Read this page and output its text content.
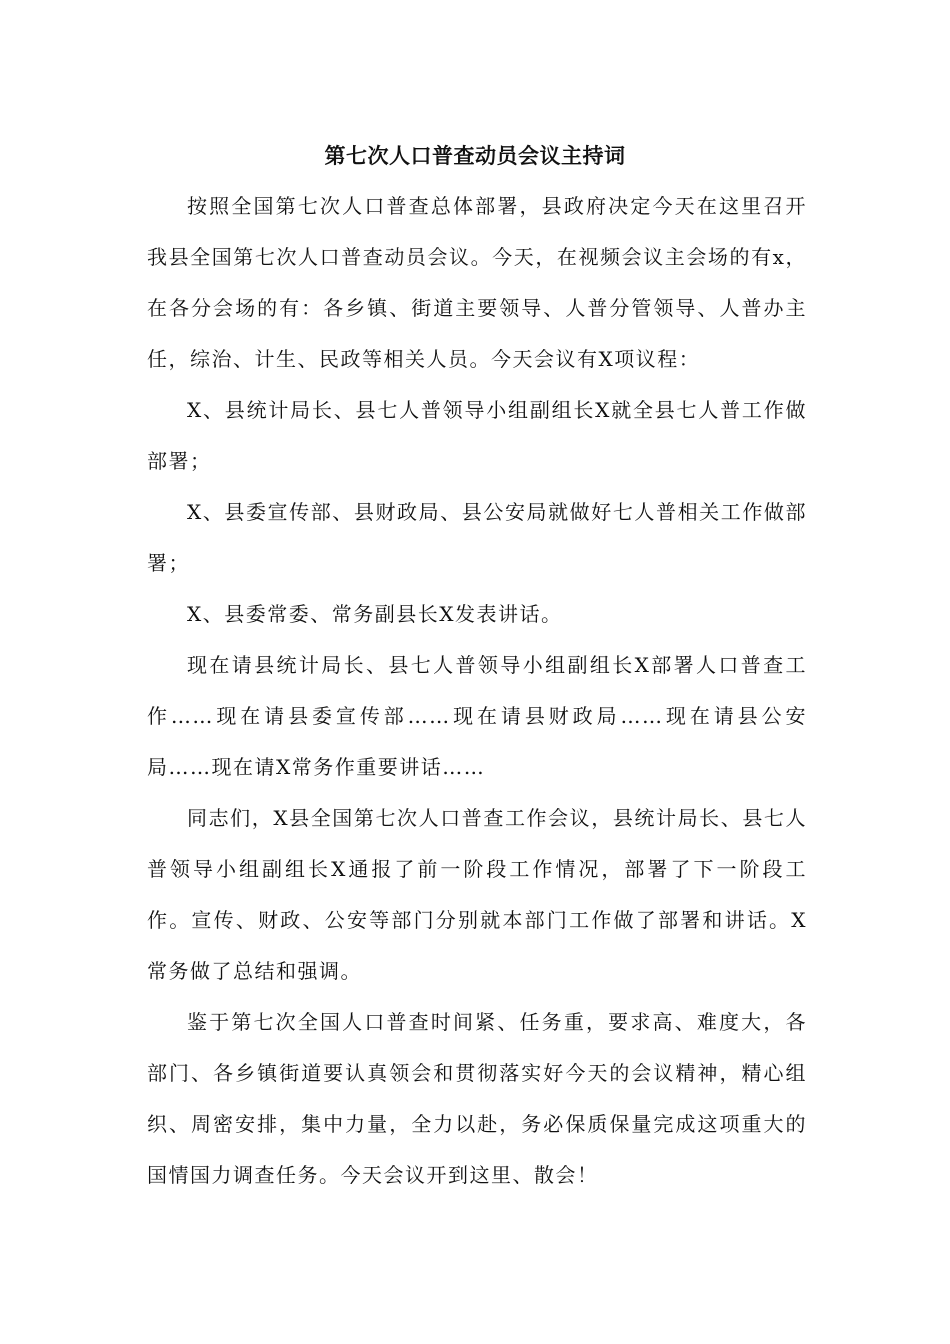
第七次人口普查动员会议主持词

按照全国第七次人口普查总体部署，县政府决定今天在这里召开我县全国第七次人口普查动员会议。今天，在视频会议主会场的有x，在各分会场的有：各乡镇、街道主要领导、人普分管领导、人普办主任，综治、计生、民政等相关人员。今天会议有X项议程：

X、县统计局长、县七人普领导小组副组长X就全县七人普工作做部署；

X、县委宣传部、县财政局、县公安局就做好七人普相关工作做部署；

X、县委常委、常务副县长X发表讲话。

现在请县统计局长、县七人普领导小组副组长X部署人口普查工作……现在请县委宣传部……现在请县财政局……现在请县公安局……现在请X常务作重要讲话……

同志们，X县全国第七次人口普查工作会议，县统计局长、县七人普领导小组副组长X通报了前一阶段工作情况，部署了下一阶段工作。宣传、财政、公安等部门分别就本部门工作做了部署和讲话。X常务做了总结和强调。

鉴于第七次全国人口普查时间紧、任务重，要求高、难度大，各部门、各乡镇街道要认真领会和贯彻落实好今天的会议精神，精心组织、周密安排，集中力量，全力以赴，务必保质保量完成这项重大的国情国力调查任务。今天会议开到这里、散会！
